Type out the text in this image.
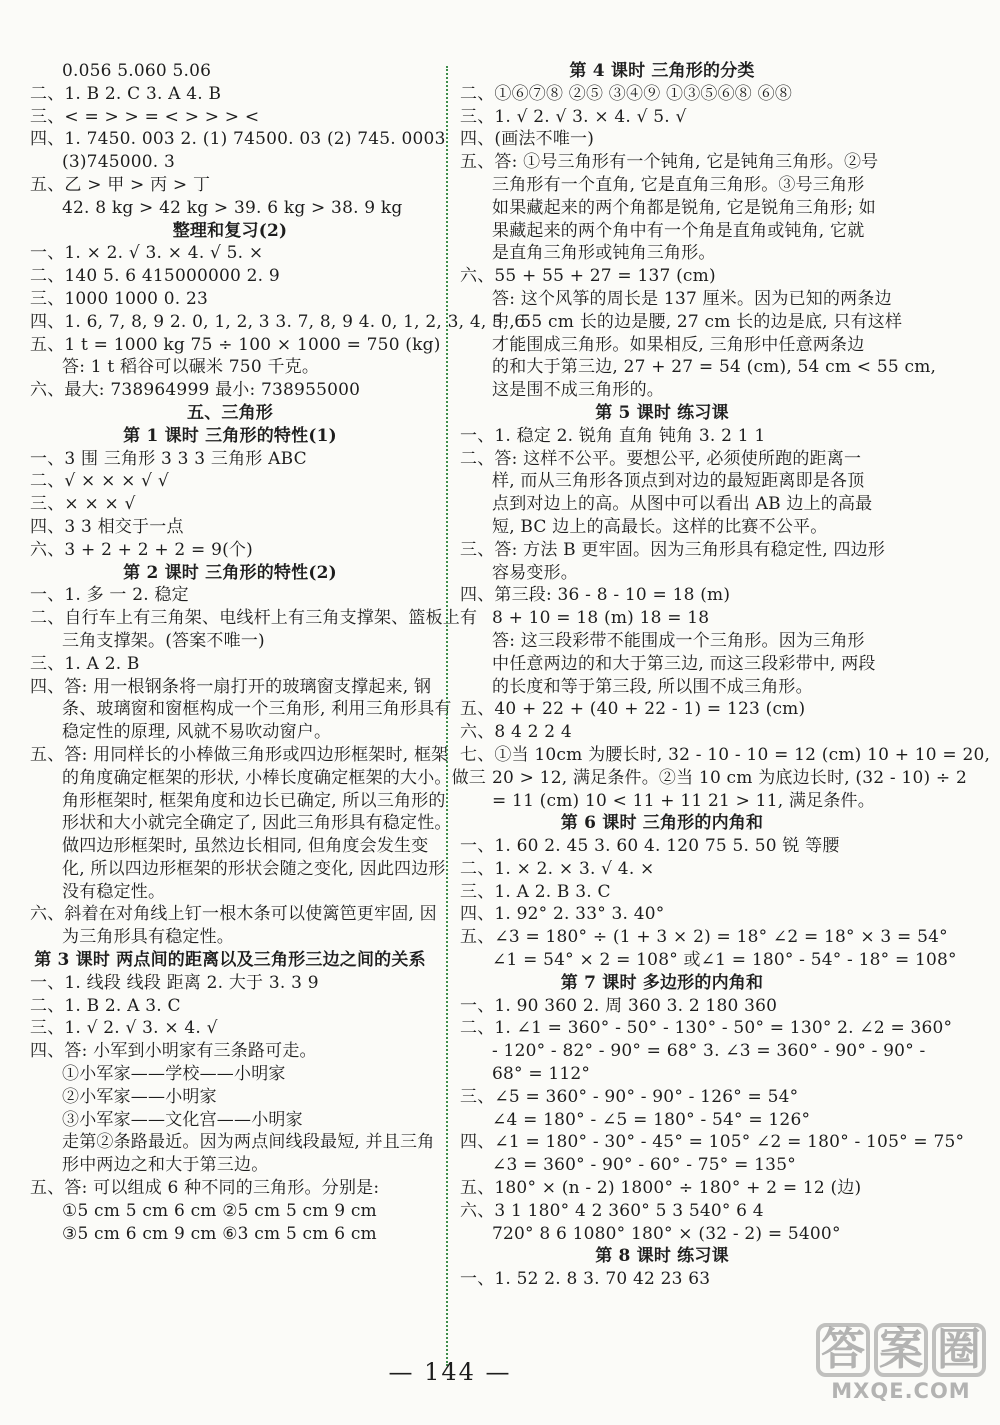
0.056 5.060 5.06
二、1. B 2. C 3. A 4. B
三、< = > > = < > > > <
四、1. 7450. 003 2. (1) 74500. 03 (2) 745. 0003
(3)745000. 3
五、乙 > 甲 > 丙 > 丁
42. 8 kg > 42 kg > 39. 6 kg > 38. 9 kg
整理和复习(2)
一、1. × 2. √ 3. × 4. √ 5. ×
二、140 5. 6 415000000 2. 9
三、1000 1000 0. 23
四、1. 6, 7, 8, 9 2. 0, 1, 2, 3 3. 7, 8, 9 4. 0, 1, 2, 3, 4, 5, 6
五、1 t = 1000 kg 75 ÷ 100 × 1000 = 750 (kg)
答: 1 t 稻谷可以碾米 750 千克。
六、最大: 738964999 最小: 738955000
五、三角形
第 1 课时 三角形的特性(1)
一、3 围 三角形 3 3 3 三角形 ABC
二、√ × × × √ √
三、× × × √
四、3 3 相交于一点
六、3 + 2 + 2 + 2 = 9(个)
第 2 课时 三角形的特性(2)
一、1. 多 一 2. 稳定
二、自行车上有三角架、电线杆上有三角支撑架、篮板上有
三角支撑架。(答案不唯一)
三、1. A 2. B
四、答: 用一根钢条将一扇打开的玻璃窗支撑起来, 钢
条、玻璃窗和窗框构成一个三角形, 利用三角形具有
稳定性的原理, 风就不易吹动窗户。
五、答: 用同样长的小棒做三角形或四边形框架时, 框架
的角度确定框架的形状, 小棒长度确定框架的大小。做三
角形框架时, 框架角度和边长已确定, 所以三角形的
形状和大小就完全确定了, 因此三角形具有稳定性。
做四边形框架时, 虽然边长相同, 但角度会发生变
化, 所以四边形框架的形状会随之变化, 因此四边形
没有稳定性。
六、斜着在对角线上钉一根木条可以使篱笆更牢固, 因
为三角形具有稳定性。
第 3 课时 两点间的距离以及三角形三边之间的关系
一、1. 线段 线段 距离 2. 大于 3. 3 9
二、1. B 2. A 3. C
三、1. √ 2. √ 3. × 4. √
四、答: 小军到小明家有三条路可走。
①小军家——学校——小明家
②小军家——小明家
③小军家——文化宫——小明家
走第②条路最近。因为两点间线段最短, 并且三角
形中两边之和大于第三边。
五、答: 可以组成 6 种不同的三角形。分别是:
①5 cm 5 cm 6 cm ②5 cm 5 cm 9 cm
③5 cm 6 cm 9 cm ⑥3 cm 5 cm 6 cm
第 4 课时 三角形的分类
二、①⑥⑦⑧ ②⑤ ③④⑨ ①③⑤⑥⑧ ⑥⑧
三、1. √ 2. √ 3. × 4. √ 5. √
四、(画法不唯一)
五、答: ①号三角形有一个钝角, 它是钝角三角形。②号
三角形有一个直角, 它是直角三角形。③号三角形
如果藏起来的两个角都是锐角, 它是锐角三角形; 如
果藏起来的两个角中有一个角是直角或钝角, 它就
是直角三角形或钝角三角形。
六、55 + 55 + 27 = 137 (cm)
答: 这个风筝的周长是 137 厘米。因为已知的两条边
中, 55 cm 长的边是腰, 27 cm 长的边是底, 只有这样
才能围成三角形。如果相反, 三角形中任意两条边
的和大于第三边, 27 + 27 = 54 (cm), 54 cm < 55 cm,
这是围不成三角形的。
第 5 课时 练习课
一、1. 稳定 2. 锐角 直角 钝角 3. 2 1 1
二、答: 这样不公平。要想公平, 必须使所跑的距离一
样, 而从三角形各顶点到对边的最短距离即是各顶
点到对边上的高。从图中可以看出 AB 边上的高最
短, BC 边上的高最长。这样的比赛不公平。
三、答: 方法 B 更牢固。因为三角形具有稳定性, 四边形
容易变形。
四、第三段: 36 - 8 - 10 = 18 (m)
8 + 10 = 18 (m) 18 = 18
答: 这三段彩带不能围成一个三角形。因为三角形
中任意两边的和大于第三边, 而这三段彩带中, 两段
的长度和等于第三段, 所以围不成三角形。
五、40 + 22 + (40 + 22 - 1) = 123 (cm)
六、8 4 2 2 4
七、①当 10cm 为腰长时, 32 - 10 - 10 = 12 (cm) 10 + 10 = 20,
20 > 12, 满足条件。②当 10 cm 为底边长时, (32 - 10) ÷ 2
= 11 (cm) 10 < 11 + 11 21 > 11, 满足条件。
第 6 课时 三角形的内角和
一、1. 60 2. 45 3. 60 4. 120 75 5. 50 锐 等腰
二、1. × 2. × 3. √ 4. ×
三、1. A 2. B 3. C
四、1. 92° 2. 33° 3. 40°
五、∠3 = 180° ÷ (1 + 3 × 2) = 18° ∠2 = 18° × 3 = 54°
∠1 = 54° × 2 = 108° 或∠1 = 180° - 54° - 18° = 108°
第 7 课时 多边形的内角和
一、1. 90 360 2. 周 360 3. 2 180 360
二、1. ∠1 = 360° - 50° - 130° - 50° = 130° 2. ∠2 = 360°
- 120° - 82° - 90° = 68° 3. ∠3 = 360° - 90° - 90° -
68° = 112°
三、∠5 = 360° - 90° - 90° - 126° = 54°
∠4 = 180° - ∠5 = 180° - 54° = 126°
四、∠1 = 180° - 30° - 45° = 105° ∠2 = 180° - 105° = 75°
∠3 = 360° - 90° - 60° - 75° = 135°
五、180° × (n - 2) 1800° ÷ 180° + 2 = 12 (边)
六、3 1 180° 4 2 360° 5 3 540° 6 4
720° 8 6 1080° 180° × (32 - 2) = 5400°
第 8 课时 练习课
一、1. 52 2. 8 3. 70 42 23 63
— 144 —	答 案 圈
MXQE.COM
